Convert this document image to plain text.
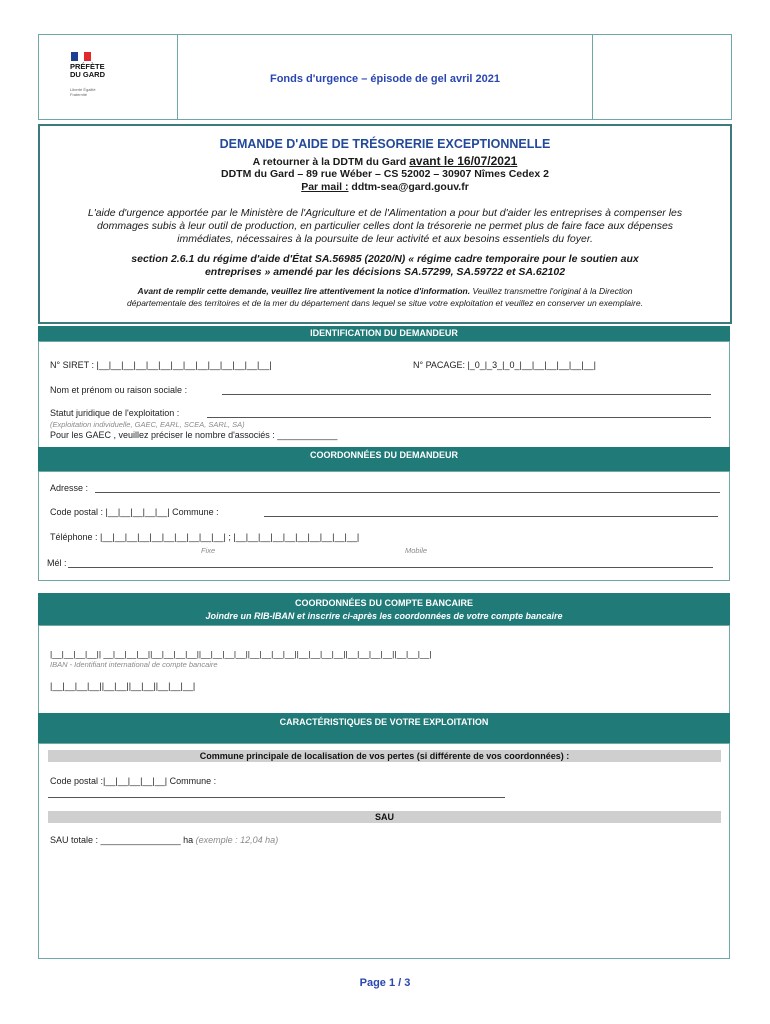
PRÉFÈTE
DU GARD
Liberté Égalité Fraternité
Fonds d'urgence – épisode de gel avril 2021
DEMANDE D'AIDE DE TRÉSORERIE EXCEPTIONNELLE
A retourner à la DDTM du Gard avant le 16/07/2021
DDTM du Gard – 89 rue Wéber – CS 52002 – 30907 Nîmes Cedex 2
Par mail : ddtm-sea@gard.gouv.fr
L'aide d'urgence apportée par le Ministère de l'Agriculture et de l'Alimentation a pour but d'aider les entreprises à compenser les
dommages subis à leur outil de production, en particulier celles dont la trésorerie ne permet plus de faire face aux dépenses
immédiates, nécessaires à la poursuite de leur activité et aux besoins essentiels du foyer.
section 2.6.1 du régime d'aide d'État SA.56985 (2020/N) « régime cadre temporaire pour le soutien aux
entreprises » amendé par les décisions SA.57299, SA.59722 et SA.62102
Avant de remplir cette demande, veuillez lire attentivement la notice d'information. Veuillez transmettre l'original à la Direction
départementale des territoires et de la mer du département dans lequel se situe votre exploitation et veuillez en conserver un exemplaire.
IDENTIFICATION DU DEMANDEUR
N° SIRET : |__|__|__|__|__|__|__|__|__|__|__|__|__|__|	N° PACAGE: |_0_|_3_|_0_|__|__|__|__|__|__|
Nom et prénom ou raison sociale :
Statut juridique de l'exploitation :
(Exploitation individuelle, GAEC, EARL, SCEA, SARL, SA)
Pour les GAEC , veuillez préciser le nombre d'associés : ____________
COORDONNÉES DU DEMANDEUR
Adresse :
Code postal : |__|__|__|__|__| Commune :
Téléphone : |__|__|__|__|__|__|__|__|__|__| ; |__|__|__|__|__|__|__|__|__|__|
Fixe	Mobile
Mél :
COORDONNÉES DU COMPTE BANCAIRE
Joindre un RIB-IBAN et inscrire ci-après les coordonnées de votre compte bancaire
|__|__|__|__|| __|__|__|__||__|__|__|__||__|__|__|__||__|__|__|__||__|__|__|__||__|__|__|__||__|__|__|
IBAN - Identifiant international de compte bancaire
|__|__|__|__||__|__||__|__||__|__|__|
CARACTÉRISTIQUES DE VOTRE EXPLOITATION
Commune principale de localisation de vos pertes (si différente de vos coordonnées) :
Code postal :|__|__|__|__|__| Commune :
SAU
SAU totale : ________________ ha (exemple : 12,04 ha)
Page 1 / 3
